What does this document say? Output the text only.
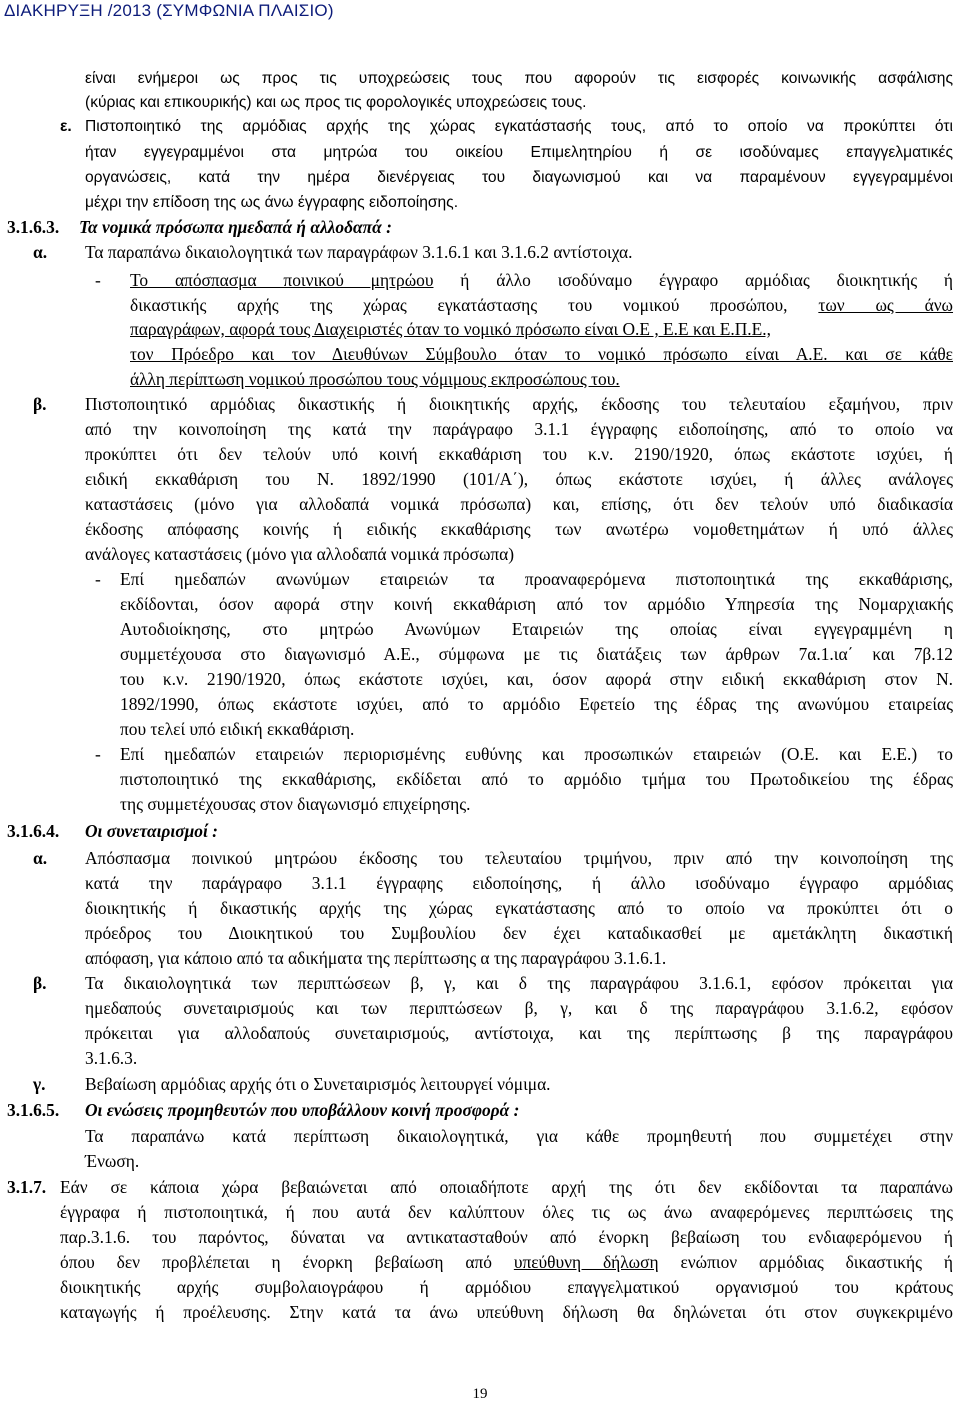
ΔΙΑΚΗΡΥΞΗ /2013 (ΣΥΜΦΩΝΙΑ ΠΛΑΙΣΙΟ)
είναι ενήμεροι ως προς τις υποχρεώσεις τους που αφορούν τις εισφορές κοινωνικής ασφάλισης
(κύριας και επικουρικής) και ως προς τις φορολογικές υποχρεώσεις τους.
ε. Πιστοποιητικό της αρμόδιας αρχής της χώρας εγκατάστασής τους, από το οποίο να προκύπτει ότι
ήταν εγγεγραμμένοι στα μητρώα του οικείου Επιμελητηρίου ή σε ισοδύναμες επαγγελματικές
οργανώσεις, κατά την ημέρα διενέργειας του διαγωνισμού και να παραμένουν εγγεγραμμένοι
μέχρι την επίδοση της ως άνω έγγραφης ειδοποίησης.
3.1.6.3. Τα νομικά πρόσωπα ημεδαπά ή αλλοδαπά :
α. Τα παραπάνω δικαιολογητικά των παραγράφων 3.1.6.1 και 3.1.6.2 αντίστοιχα.
- Το απόσπασμα ποινικού μητρώου ή άλλο ισοδύναμο έγγραφο αρμόδιας διοικητικής ή
δικαστικής αρχής της χώρας εγκατάστασης του νομικού προσώπου, των ως άνω
παραγράφων, αφορά τους Διαχειριστές όταν το νομικό πρόσωπο είναι Ο.Ε , Ε.Ε και Ε.Π.Ε.,
τον Πρόεδρο και τον Διευθύνων Σύμβουλο όταν το νομικό πρόσωπο είναι Α.Ε. και σε κάθε
άλλη περίπτωση νομικού προσώπου τους νόμιμους εκπροσώπους του.
β. Πιστοποιητικό αρμόδιας δικαστικής ή διοικητικής αρχής, έκδοσης του τελευταίου εξαμήνου, πριν
από την κοινοποίηση της κατά την παράγραφο 3.1.1 έγγραφης ειδοποίησης, από το οποίο να
προκύπτει ότι δεν τελούν υπό κοινή εκκαθάριση του κ.ν. 2190/1920, όπως εκάστοτε ισχύει, ή
ειδική εκκαθάριση του Ν. 1892/1990 (101/Α΄), όπως εκάστοτε ισχύει, ή άλλες ανάλογες
καταστάσεις (μόνο για αλλοδαπά νομικά πρόσωπα) και, επίσης, ότι δεν τελούν υπό διαδικασία
έκδοσης απόφασης κοινής ή ειδικής εκκαθάρισης των ανωτέρω νομοθετημάτων ή υπό άλλες
ανάλογες καταστάσεις (μόνο για αλλοδαπά νομικά πρόσωπα)
- Επί ημεδαπών ανωνύμων εταιρειών τα προαναφερόμενα πιστοποιητικά της εκκαθάρισης,
εκδίδονται, όσον αφορά στην κοινή εκκαθάριση από τον αρμόδιο Υπηρεσία της Νομαρχιακής
Αυτοδιοίκησης, στο μητρώο Ανωνύμων Εταιρειών της οποίας είναι εγγεγραμμένη η
συμμετέχουσα στο διαγωνισμό Α.Ε., σύμφωνα με τις διατάξεις των άρθρων 7α.1.ια΄ και 7β.12
του κ.ν. 2190/1920, όπως εκάστοτε ισχύει, και, όσον αφορά στην ειδική εκκαθάριση στον Ν.
1892/1990, όπως εκάστοτε ισχύει, από το αρμόδιο Εφετείο της έδρας της ανωνύμου εταιρείας
που τελεί υπό ειδική εκκαθάριση.
- Επί ημεδαπών εταιρειών περιορισμένης ευθύνης και προσωπικών εταιρειών (Ο.Ε. και Ε.Ε.) το
πιστοποιητικό της εκκαθάρισης, εκδίδεται από το αρμόδιο τμήμα του Πρωτοδικείου της έδρας
της συμμετέχουσας στον διαγωνισμό επιχείρησης.
3.1.6.4. Οι συνεταιρισμοί :
α. Απόσπασμα ποινικού μητρώου έκδοσης του τελευταίου τριμήνου, πριν από την κοινοποίηση της
κατά την παράγραφο 3.1.1 έγγραφης ειδοποίησης, ή άλλο ισοδύναμο έγγραφο αρμόδιας
διοικητικής ή δικαστικής αρχής της χώρας εγκατάστασης από το οποίο να προκύπτει ότι ο
πρόεδρος του Διοικητικού του Συμβουλίου δεν έχει καταδικασθεί με αμετάκλητη δικαστική
απόφαση, για κάποιο από τα αδικήματα της περίπτωσης α της παραγράφου 3.1.6.1.
β. Τα δικαιολογητικά των περιπτώσεων β, γ, και δ της παραγράφου 3.1.6.1, εφόσον πρόκειται για
ημεδαπούς συνεταιρισμούς και των περιπτώσεων β, γ, και δ της παραγράφου 3.1.6.2, εφόσον
πρόκειται για αλλοδαπούς συνεταιρισμούς, αντίστοιχα, και της περίπτωσης β της παραγράφου
3.1.6.3.
γ. Βεβαίωση αρμόδιας αρχής ότι ο Συνεταιρισμός λειτουργεί νόμιμα.
3.1.6.5. Οι ενώσεις προμηθευτών που υποβάλλουν κοινή προσφορά :
Τα παραπάνω κατά περίπτωση δικαιολογητικά, για κάθε προμηθευτή που συμμετέχει στην
Ένωση.
3.1.7. Εάν σε κάποια χώρα βεβαιώνεται από οποιαδήποτε αρχή της ότι δεν εκδίδονται τα παραπάνω
έγγραφα ή πιστοποιητικά, ή που αυτά δεν καλύπτουν όλες τις ως άνω αναφερόμενες περιπτώσεις της
παρ.3.1.6. του παρόντος, δύναται να αντικατασταθούν από ένορκη βεβαίωση του ενδιαφερόμενου ή
όπου δεν προβλέπεται η ένορκη βεβαίωση από υπεύθυνη δήλωση ενώπιον αρμόδιας δικαστικής ή
διοικητικής αρχής συμβολαιογράφου ή αρμόδιου επαγγελματικού οργανισμού του κράτους
καταγωγής ή προέλευσης. Στην κατά τα άνω υπεύθυνη δήλωση θα δηλώνεται ότι στον συγκεκριμένο
19
